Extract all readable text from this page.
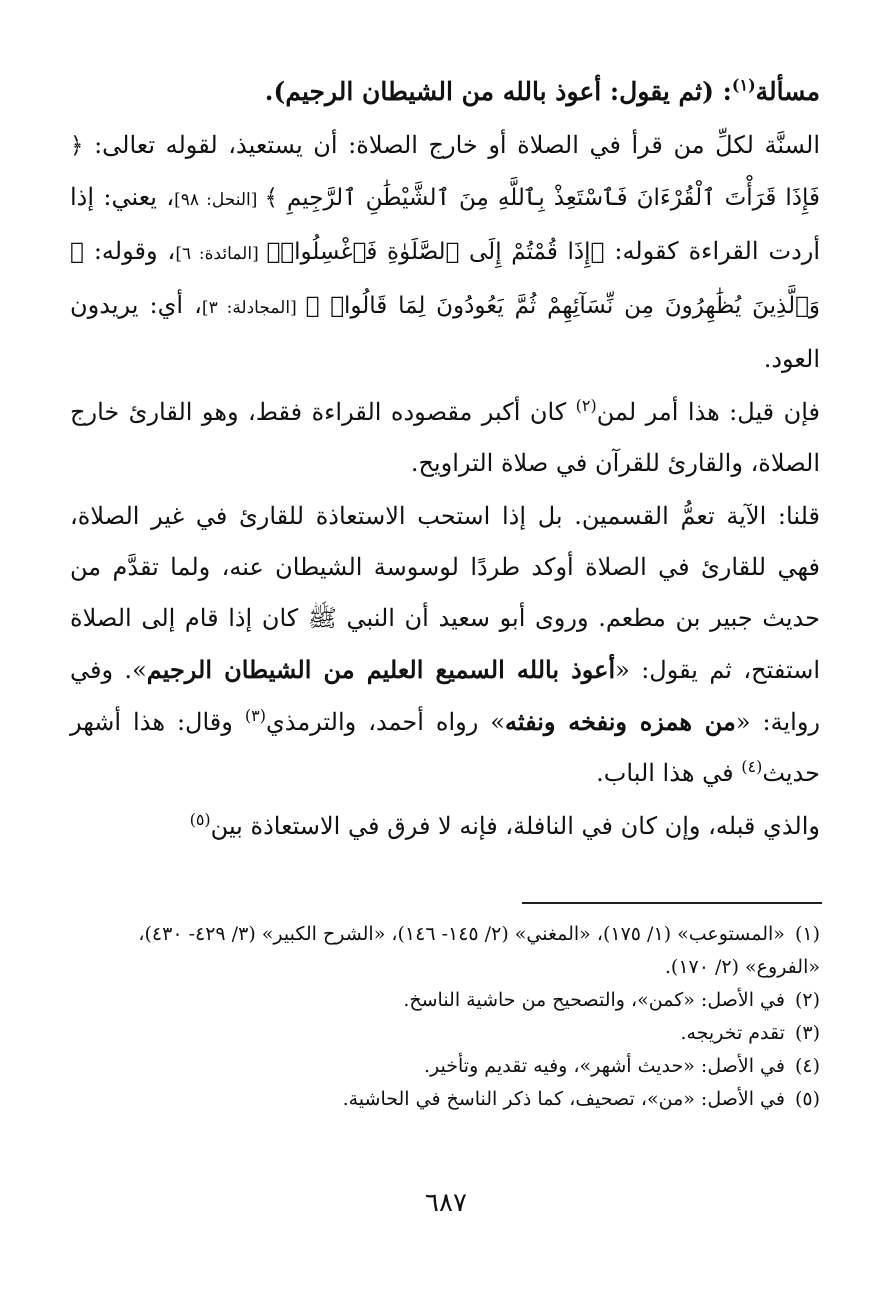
مسألة$^{(١)}$: (ثم يقول: أعوذ بالله من الشيطان الرجيم).

السنَّة لكلِّ من قرأ في الصلاة أو خارج الصلاة: أن يستعيذ، لقوله تعالى: ﴿ فَإِذَا قَرَأْتَ ٱلْقُرْءَانَ فَٱسْتَعِذْ بِٱللَّهِ مِنَ ٱلشَّيْطَٰنِ ٱلرَّجِيمِ ﴾ [النحل: ٩٨]، يعني: إذا أردت القراءة كقوله: ﴿إِذَا قُمْتُمْ إِلَى ٱلصَّلَوٰةِ فَٱغْسِلُوا۟﴾ [المائدة: ٦]، وقوله: ﴿ وَٱلَّذِينَ يُظَٰهِرُونَ مِن نِّسَآئِهِمْ ثُمَّ يَعُودُونَ لِمَا قَالُوا۟ ﴾ [المجادلة: ٣]، أي: يريدون العود.

فإن قيل: هذا أمر لمن$^{(٢)}$ كان أكبر مقصوده القراءة فقط، وهو القارئ خارج الصلاة، والقارئ للقرآن في صلاة التراويح.

قلنا: الآية تعمُّ القسمين. بل إذا استحب الاستعاذة للقارئ في غير الصلاة، فهي للقارئ في الصلاة أوكد طردًا لوسوسة الشيطان عنه، ولما تقدَّم من حديث جبير بن مطعم. وروى أبو سعيد أن النبي ﷺ كان إذا قام إلى الصلاة استفتح، ثم يقول: «أعوذ بالله السميع العليم من الشيطان الرجيم». وفي رواية: «من همزه ونفخه ونفثه» رواه أحمد، والترمذي$^{(٣)}$ وقال: هذا أشهر حديث$^{(٤)}$ في هذا الباب.

والذي قبله، وإن كان في النافلة، فإنه لا فرق في الاستعاذة بين$^{(٥)}$

(١)«المستوعب» (١/ ١٧٥)، «المغني» (٢/ ١٤٥- ١٤٦)، «الشرح الكبير» (٣/ ٤٢٩- ٤٣٠)، «الفروع» (٢/ ١٧٠).
(٢)في الأصل: «كمن»، والتصحيح من حاشية الناسخ.
(٣)تقدم تخريجه.
(٤)في الأصل: «حديث أشهر»، وفيه تقديم وتأخير.
(٥)في الأصل: «من»، تصحيف، كما ذكر الناسخ في الحاشية.
٦٨٧
